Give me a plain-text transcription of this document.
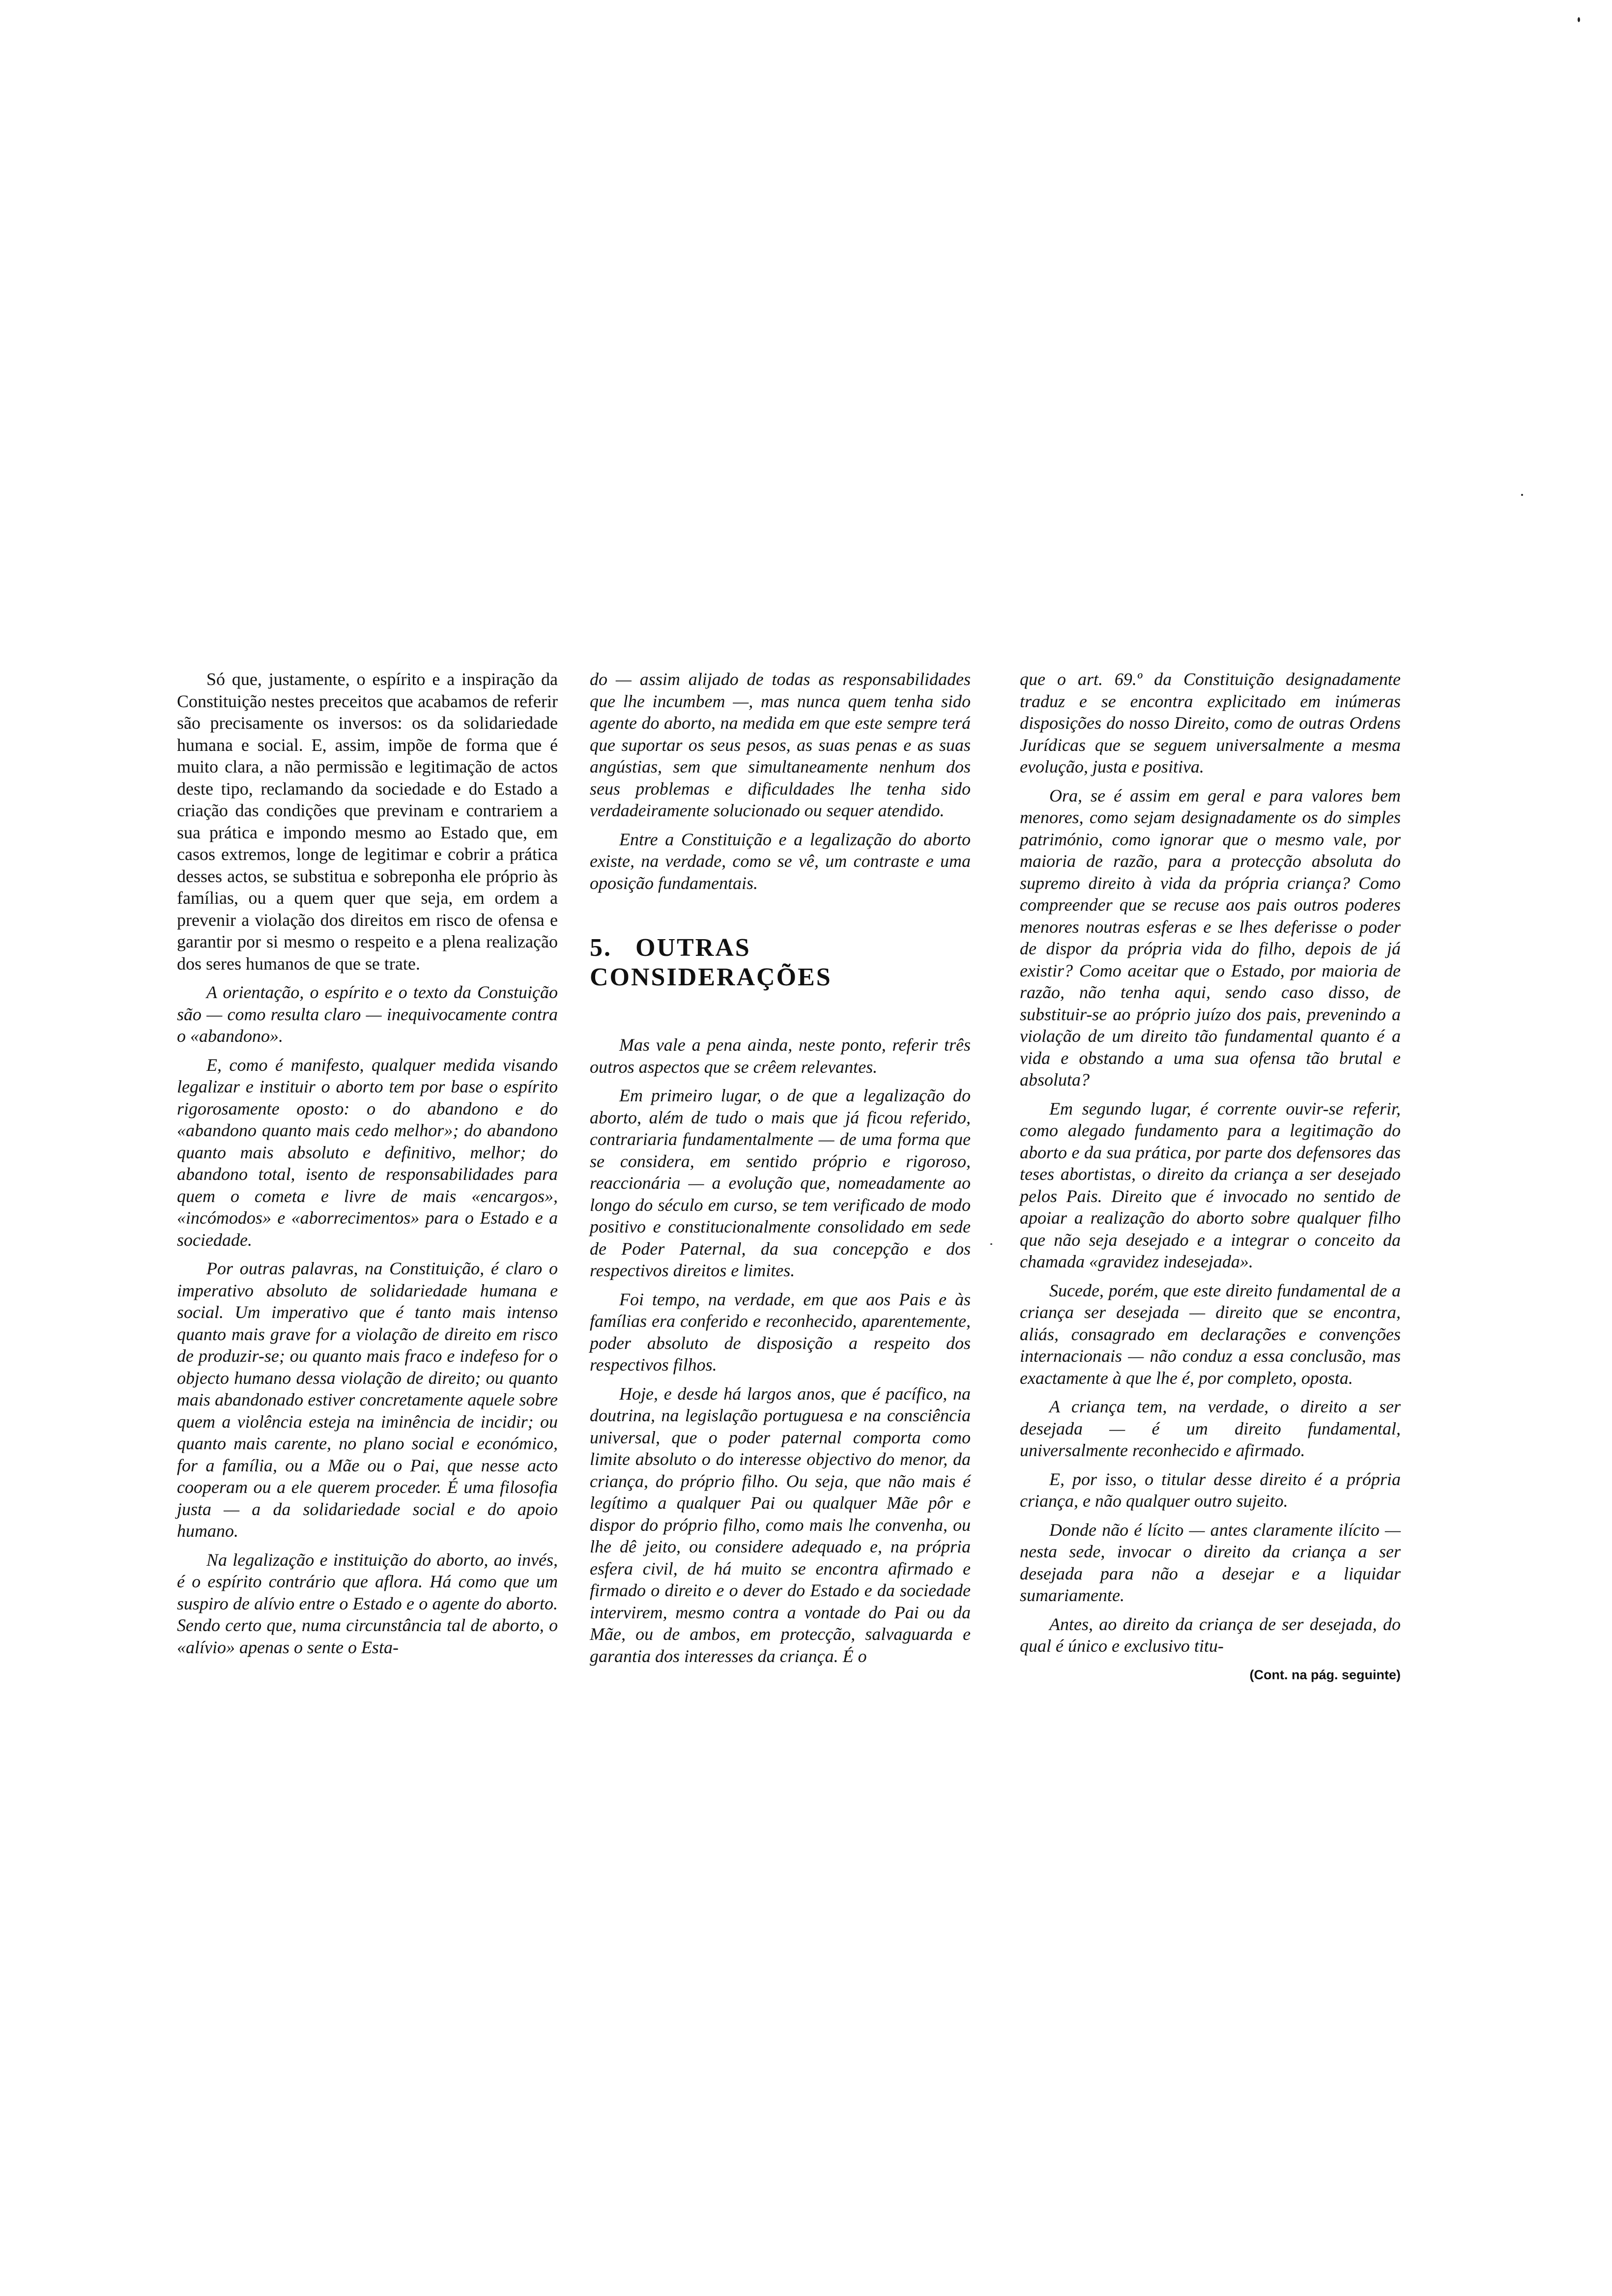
Só que, justamente, o espírito e a inspiração da Constituição nestes preceitos que acabamos de referir são precisamente os inversos: os da solidariedade humana e social. E, assim, impõe de forma que é muito clara, a não permissão e legitimação de actos deste tipo, reclamando da sociedade e do Estado a criação das condições que previnam e contrariem a sua prática e impondo mesmo ao Estado que, em casos extremos, longe de legitimar e cobrir a prática desses actos, se substitua e sobreponha ele próprio às famílias, ou a quem quer que seja, em ordem a prevenir a violação dos direitos em risco de ofensa e garantir por si mesmo o respeito e a plena realização dos seres humanos de que se trate.

A orientação, o espírito e o texto da Constuição são — como resulta claro — inequivocamente contra o «abandono».

E, como é manifesto, qualquer medida visando legalizar e instituir o aborto tem por base o espírito rigorosamente oposto: o do abandono e do «abandono quanto mais cedo melhor»; do abandono quanto mais absoluto e definitivo, melhor; do abandono total, isento de responsabilidades para quem o cometa e livre de mais «encargos», «incómodos» e «aborrecimentos» para o Estado e a sociedade.

Por outras palavras, na Constituição, é claro o imperativo absoluto de solidariedade humana e social. Um imperativo que é tanto mais intenso quanto mais grave for a violação de direito em risco de produzir-se; ou quanto mais fraco e indefeso for o objecto humano dessa violação de direito; ou quanto mais abandonado estiver concretamente aquele sobre quem a violência esteja na iminência de incidir; ou quanto mais carente, no plano social e económico, for a família, ou a Mãe ou o Pai, que nesse acto cooperam ou a ele querem proceder. É uma filosofia justa — a da solidariedade social e do apoio humano.

Na legalização e instituição do aborto, ao invés, é o espírito contrário que aflora. Há como que um suspiro de alívio entre o Estado e o agente do aborto. Sendo certo que, numa circunstância tal de aborto, o «alívio» apenas o sente o Esta-

do — assim alijado de todas as responsabilidades que lhe incumbem —, mas nunca quem tenha sido agente do aborto, na medida em que este sempre terá que suportar os seus pesos, as suas penas e as suas angústias, sem que simultaneamente nenhum dos seus problemas e dificuldades lhe tenha sido verdadeiramente solucionado ou sequer atendido.

Entre a Constituição e a legalização do aborto existe, na verdade, como se vê, um contraste e uma oposição fundamentais.

5. OUTRAS
CONSIDERAÇÕES

Mas vale a pena ainda, neste ponto, referir três outros aspectos que se crêem relevantes.

Em primeiro lugar, o de que a legalização do aborto, além de tudo o mais que já ficou referido, contrariaria fundamentalmente — de uma forma que se considera, em sentido próprio e rigoroso, reaccionária — a evolução que, nomeadamente ao longo do século em curso, se tem verificado de modo positivo e constitucionalmente consolidado em sede de Poder Paternal, da sua concepção e dos respectivos direitos e limites.

Foi tempo, na verdade, em que aos Pais e às famílias era conferido e reconhecido, aparentemente, poder absoluto de disposição a respeito dos respectivos filhos.

Hoje, e desde há largos anos, que é pacífico, na doutrina, na legislação portuguesa e na consciência universal, que o poder paternal comporta como limite absoluto o do interesse objectivo do menor, da criança, do próprio filho. Ou seja, que não mais é legítimo a qualquer Pai ou qualquer Mãe pôr e dispor do próprio filho, como mais lhe convenha, ou lhe dê jeito, ou considere adequado e, na própria esfera civil, de há muito se encontra afirmado e firmado o direito e o dever do Estado e da sociedade intervirem, mesmo contra a vontade do Pai ou da Mãe, ou de ambos, em protecção, salvaguarda e garantia dos interesses da criança. É o

que o art. 69.º da Constituição designadamente traduz e se encontra explicitado em inúmeras disposições do nosso Direito, como de outras Ordens Jurídicas que se seguem universalmente a mesma evolução, justa e positiva.

Ora, se é assim em geral e para valores bem menores, como sejam designadamente os do simples património, como ignorar que o mesmo vale, por maioria de razão, para a protecção absoluta do supremo direito à vida da própria criança? Como compreender que se recuse aos pais outros poderes menores noutras esferas e se lhes deferisse o poder de dispor da própria vida do filho, depois de já existir? Como aceitar que o Estado, por maioria de razão, não tenha aqui, sendo caso disso, de substituir-se ao próprio juízo dos pais, prevenindo a violação de um direito tão fundamental quanto é a vida e obstando a uma sua ofensa tão brutal e absoluta?

Em segundo lugar, é corrente ouvir-se referir, como alegado fundamento para a legitimação do aborto e da sua prática, por parte dos defensores das teses abortistas, o direito da criança a ser desejado pelos Pais. Direito que é invocado no sentido de apoiar a realização do aborto sobre qualquer filho que não seja desejado e a integrar o conceito da chamada «gravidez indesejada».

Sucede, porém, que este direito fundamental de a criança ser desejada — direito que se encontra, aliás, consagrado em declarações e convenções internacionais — não conduz a essa conclusão, mas exactamente à que lhe é, por completo, oposta.

A criança tem, na verdade, o direito a ser desejada — é um direito fundamental, universalmente reconhecido e afirmado.

E, por isso, o titular desse direito é a própria criança, e não qualquer outro sujeito.

Donde não é lícito — antes claramente ilícito — nesta sede, invocar o direito da criança a ser desejada para não a desejar e a liquidar sumariamente.

Antes, ao direito da criança de ser desejada, do qual é único e exclusivo titu-

(Cont. na pág. seguinte)
